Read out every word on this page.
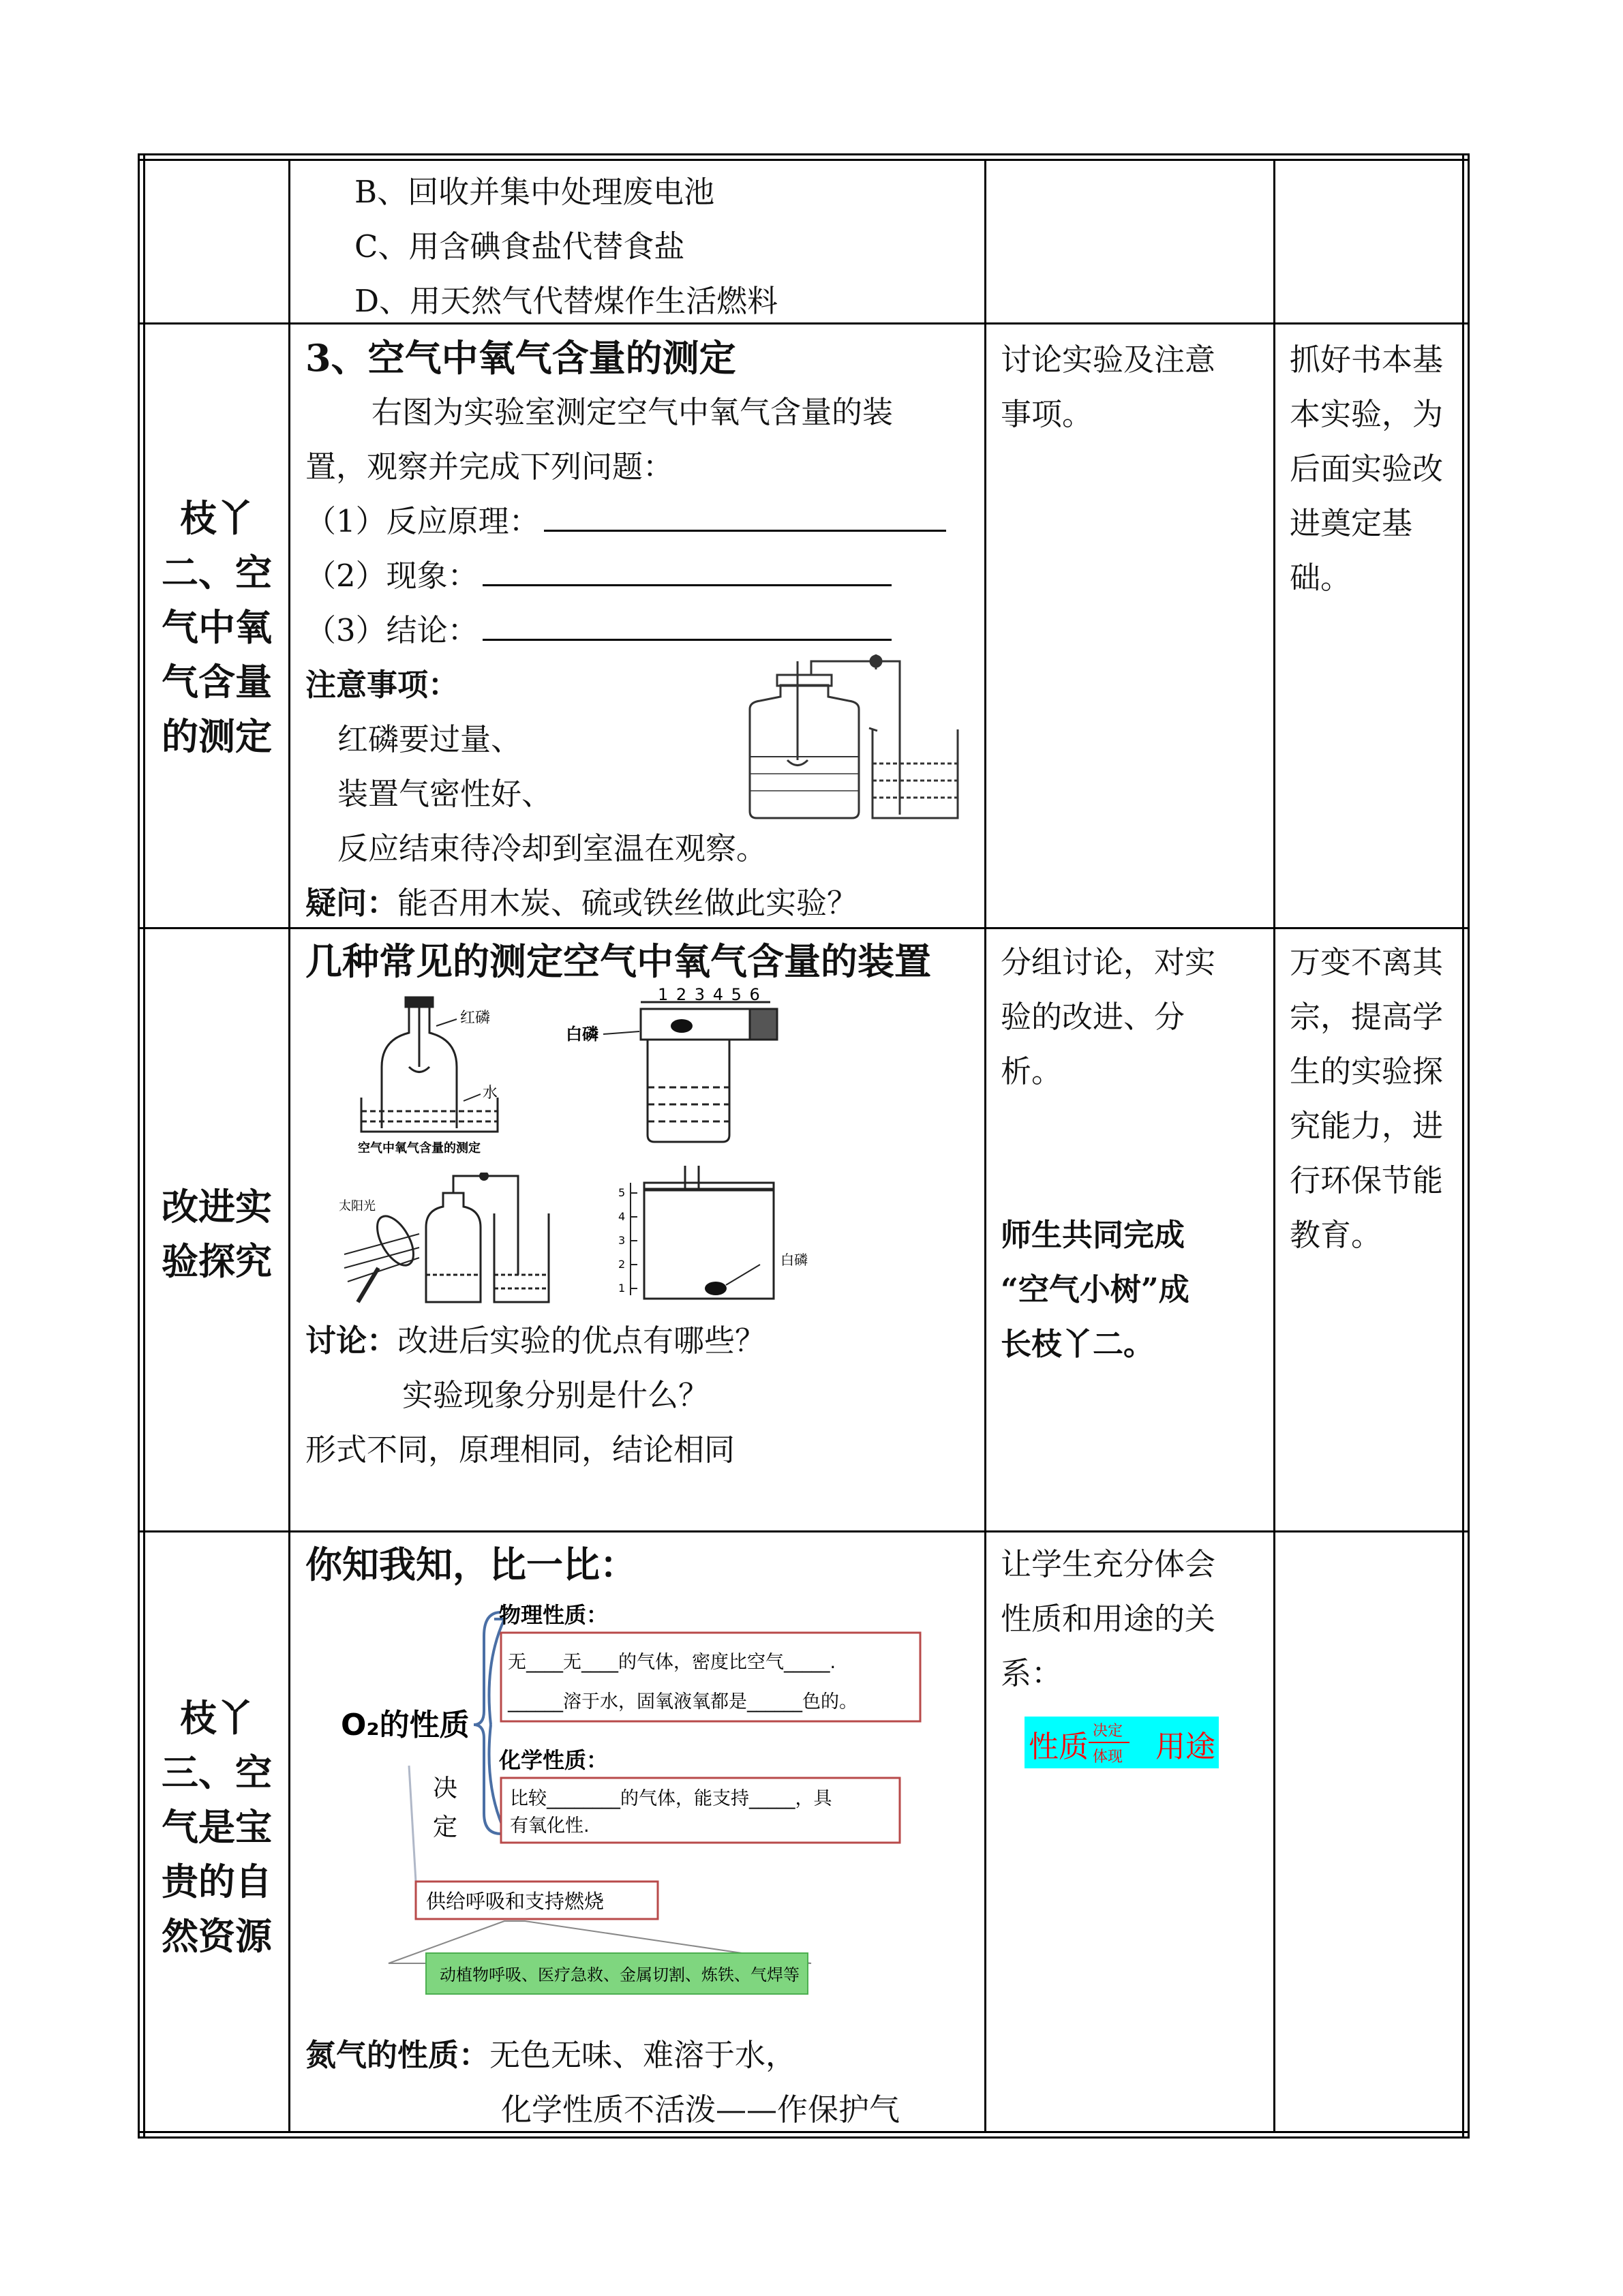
B、回收并集中处理废电池
C、用含碘食盐代替食盐
D、用天然气代替煤作生活燃料
枝丫
二、空
气中氧
气含量
的测定
3、空气中氧气含量的测定
右图为实验室测定空气中氧气含量的装
置，观察并完成下列问题：
（1）反应原理：
（2）现象：
（3）结论：
注意事项：
红磷要过量、
装置气密性好、
反应结束待冷却到室温在观察。
疑问：能否用木炭、硫或铁丝做此实验？
讨论实验及注意
事项。
抓好书本基
本实验，为
后面实验改
进奠定基
础。
改进实
验探究
几种常见的测定空气中氧气含量的装置
红磷
水
空气中氧气含量的测定
1 2 3 4 5 6
白磷
太阳光
5
4
3
2
1
白磷
讨论：改进后实验的优点有哪些？
实验现象分别是什么？
形式不同，原理相同，结论相同
分组讨论，对实
验的改进、分
析。
师生共同完成
“空气小树”成
长枝丫二。
万变不离其
宗，提高学
生的实验探
究能力，进
行环保节能
教育。
枝丫
三、空
气是宝
贵的自
然资源
你知我知，比一比：
O₂的性质
物理性质：
无____无____的气体，密度比空气_____.
______溶于水，固氧液氧都是______色的。
化学性质：
比较________的气体，能支持_____，具
有氧化性.
决
定
供给呼吸和支持燃烧
动植物呼吸、医疗急救、金属切割、炼铁、气焊等
氮气的性质：无色无味、难溶于水，
化学性质不活泼——作保护气
让学生充分体会
性质和用途的关
系：
性质 决定
体现 用途
